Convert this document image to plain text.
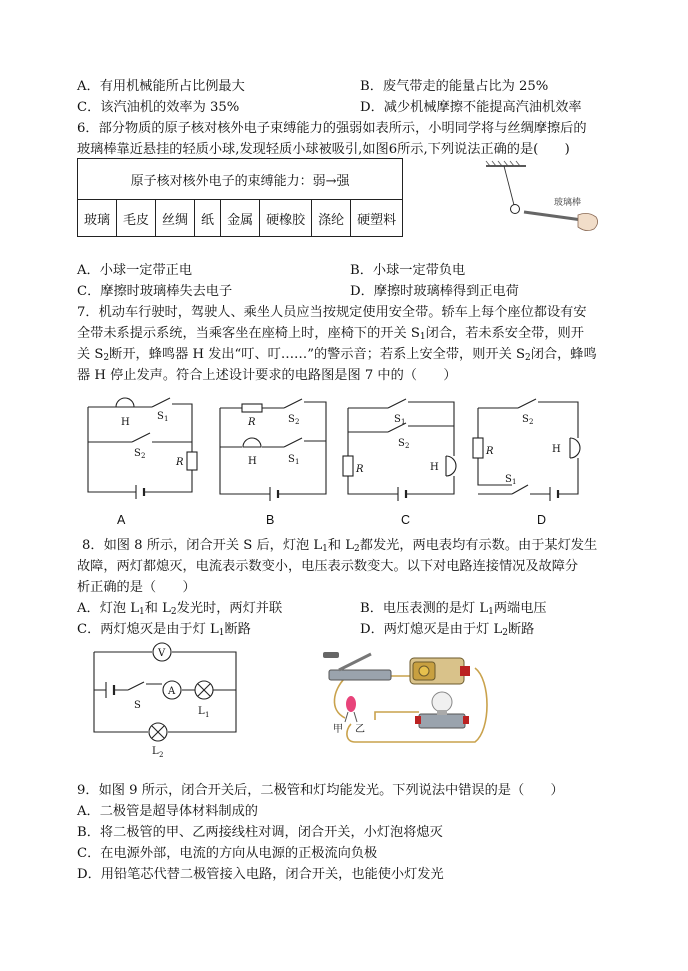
A．有用机械能所占比例最大	B．废气带走的能量占比为 25%
C．该汽油机的效率为 35%	D．减少机械摩擦不能提高汽油机效率
6．部分物质的原子核对核外电子束缚能力的强弱如表所示，小明同学将与丝绸摩擦后的
玻璃棒靠近悬挂的轻质小球,发现轻质小球被吸引,如图6所示,下列说法正确的是(　　)
原子核对核外电子的束缚能力：弱→强
玻璃	毛皮	丝绸	纸	金属	硬橡胶	涤纶	硬塑料
玻璃棒
A．小球一定带正电	B．小球一定带负电
C．摩擦时玻璃棒失去电子	D．摩擦时玻璃棒得到正电荷
7．机动车行驶时，驾驶人、乘坐人员应当按规定使用安全带。轿车上每个座位都设有安
全带未系提示系统，当乘客坐在座椅上时，座椅下的开关 $S_1$闭合，若未系安全带，则开
关 $S_2$断开，蜂鸣器 H 发出“叮、叮……”的警示音；若系上安全带，则开关 $S_2$闭合，蜂鸣
器 H 停止发声。符合上述设计要求的电路图是图 7 中的（　　）
H
S 1
S 2
R
R	S 2
H	S 1
S 1
S 2
R	H
S 2
R	H
S 1
A	B	C	D
8．如图 8 所示，闭合开关 S 后，灯泡 $L_1$和 $L_2$都发光，两电表均有示数。由于某灯发生
故障，两灯都熄灭，电流表示数变小，电压表示数变大。以下对电路连接情况及故障分
析正确的是（　　）
A．灯泡 $L_1$和 $L_2$发光时，两灯并联	B．电压表测的是灯 $L_1$两端电压
C．两灯熄灭是由于灯 $L_1$断路	D．两灯熄灭是由于灯 $L_2$断路
V
A
S
L 1
L 2
甲 乙
9．如图 9 所示，闭合开关后，二极管和灯均能发光。下列说法中错误的是（　　）
A．二极管是超导体材料制成的
B．将二极管的甲、乙两接线柱对调，闭合开关，小灯泡将熄灭
C．在电源外部，电流的方向从电源的正极流向负极
D．用铅笔芯代替二极管接入电路，闭合开关，也能使小灯发光
